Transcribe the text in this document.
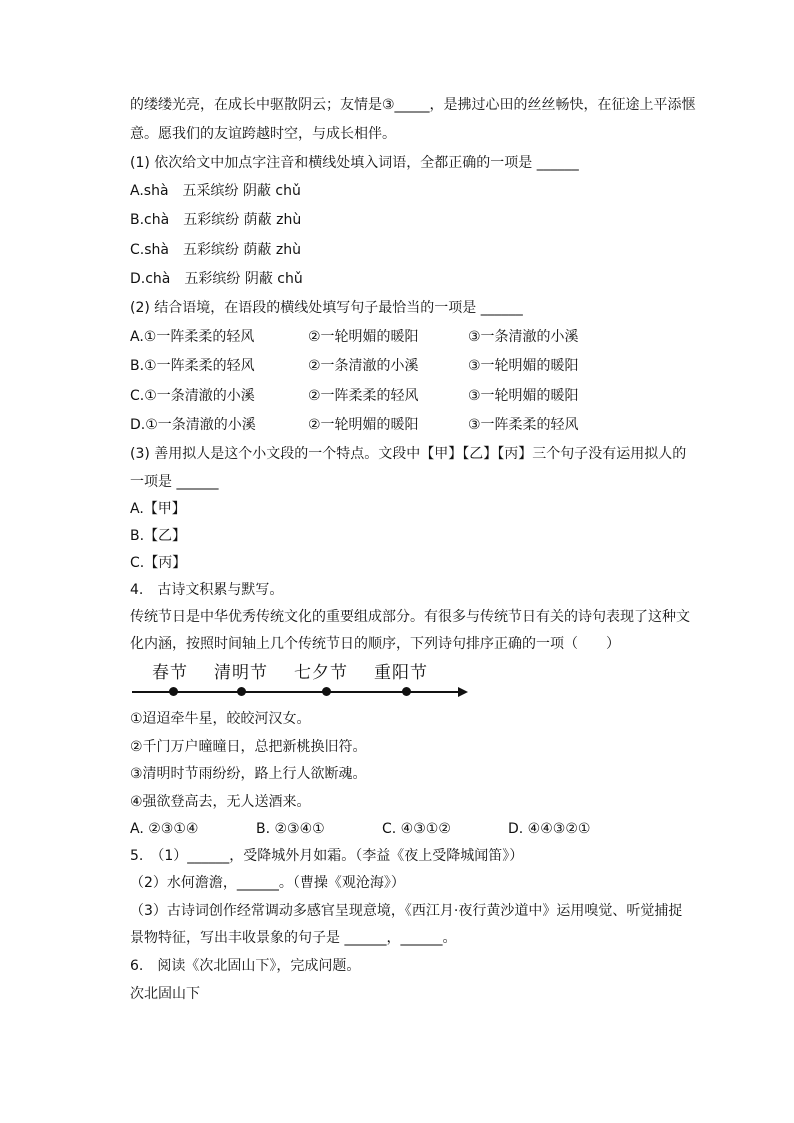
的缕缕光亮，在成长中驱散阴云；友情是③_____，是拂过心田的丝丝畅快，在征途上平添惬
意。愿我们的友谊跨越时空，与成长相伴。
(1) 依次给文中加点字注音和横线处填入词语，全都正确的一项是 ______
A.shà　五采缤纷 阴蔽 chǔ
B.chà　五彩缤纷 荫蔽 zhù
C.shà　五彩缤纷 荫蔽 zhù
D.chà　五彩缤纷 阴蔽 chǔ
(2) 结合语境，在语段的横线处填写句子最恰当的一项是 ______
A.①一阵柔柔的轻风	②一轮明媚的暖阳	③一条清澈的小溪
B.①一阵柔柔的轻风	②一条清澈的小溪	③一轮明媚的暖阳
C.①一条清澈的小溪	②一阵柔柔的轻风	③一轮明媚的暖阳
D.①一条清澈的小溪	②一轮明媚的暖阳	③一阵柔柔的轻风
(3) 善用拟人是这个小文段的一个特点。文段中【甲】【乙】【丙】三个句子没有运用拟人的
一项是 ______
A.【甲】
B.【乙】
C.【丙】
4.　古诗文积累与默写。
传统节日是中华优秀传统文化的重要组成部分。有很多与传统节日有关的诗句表现了这种文
化内涵，按照时间轴上几个传统节日的顺序，下列诗句排序正确的一项（　　）
春节 清明节 七夕节 重阳节
①迢迢牵牛星，皎皎河汉女。
②千门万户曈曈日，总把新桃换旧符。
③清明时节雨纷纷，路上行人欲断魂。
④强欲登高去，无人送酒来。
A. ②③①④	B. ②③④①	C. ④③①②	D. ④④③②①
5.　（1）______，受降城外月如霜。（李益《夜上受降城闻笛》）
（2）水何澹澹，______。（曹操《观沧海》）
（3）古诗词创作经常调动多感官呈现意境，《西江月·夜行黄沙道中》运用嗅觉、听觉捕捉
景物特征，写出丰收景象的句子是 ______，______。
6.　阅读《次北固山下》，完成问题。
次北固山下
